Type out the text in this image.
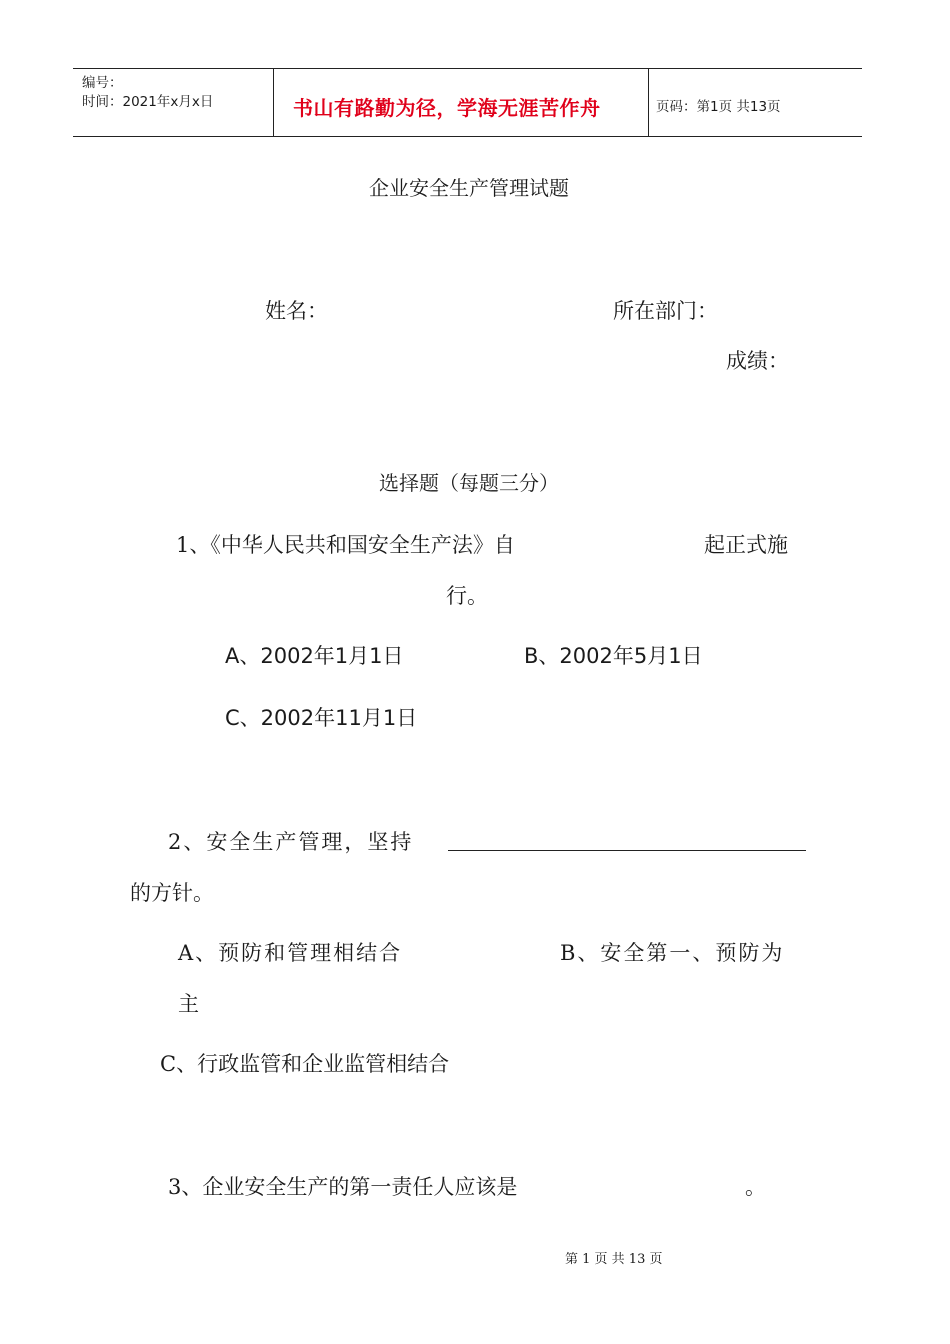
编号：
时间：2021年x月x日	书山有路勤为径，学海无涯苦作舟	页码：第1页 共13页
企业安全生产管理试题
姓名：	所在部门：
成绩：
选择题（每题三分）
1、《中华人民共和国安全生产法》自	起正式施
行。
A、2002年1月1日	B、2002年5月1日
C、2002年11月1日
2、安全生产管理，坚持
的方针。
A、预防和管理相结合	B、安全第一、预防为
主
C、行政监管和企业监管相结合
3、企业安全生产的第一责任人应该是	。
第 1 页 共 13 页
